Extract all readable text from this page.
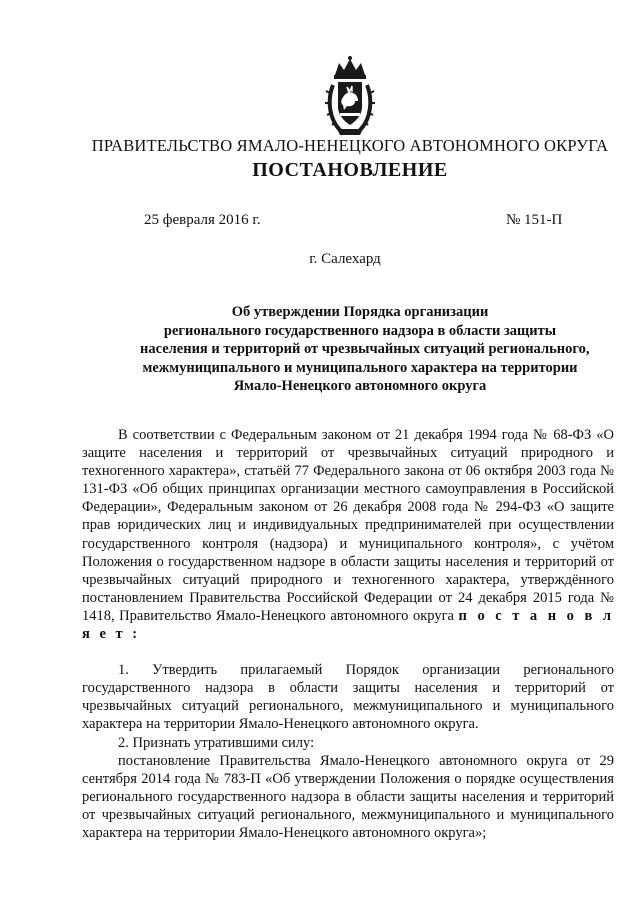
ПРАВИТЕЛЬСТВО ЯМАЛО-НЕНЕЦКОГО АВТОНОМНОГО ОКРУГА
ПОСТАНОВЛЕНИЕ
25 февраля 2016 г.	№ 151-П
г. Салехард
Об утверждении Порядка организации
регионального государственного надзора в области защиты
населения и территорий от чрезвычайных ситуаций регионального,
межмуниципального и муниципального характера на территории
Ямало-Ненецкого автономного округа

В соответствии с Федеральным законом от 21 декабря 1994 года № 68-ФЗ «О защите населения и территорий от чрезвычайных ситуаций природного и техногенного характера», статьёй 77 Федерального закона от 06 октября 2003 года № 131-ФЗ «Об общих принципах организации местного самоуправления в Российской Федерации», Федеральным законом от 26 декабря 2008 года № 294-ФЗ «О защите прав юридических лиц и индивидуальных предпринимателей при осуществлении государственного контроля (надзора) и муниципального контроля», с учётом Положения о государственном надзоре в области защиты населения и территорий от чрезвычайных ситуаций природного и техногенного характера, утверждённого постановлением Правительства Российской Федерации от 24 декабря 2015 года № 1418, Правительство Ямало-Ненецкого автономного округа п о с т а н о в л я е т :

1. Утвердить прилагаемый Порядок организации регионального государственного надзора в области защиты населения и территорий от чрезвычайных ситуаций регионального, межмуниципального и муниципального характера на территории Ямало-Ненецкого автономного округа.

2. Признать утратившими силу:

постановление Правительства Ямало-Ненецкого автономного округа от 29 сентября 2014 года № 783-П «Об утверждении Положения о порядке осуществления регионального государственного надзора в области защиты населения и территорий от чрезвычайных ситуаций регионального, межмуниципального и муниципального характера на территории Ямало-Ненецкого автономного округа»;
